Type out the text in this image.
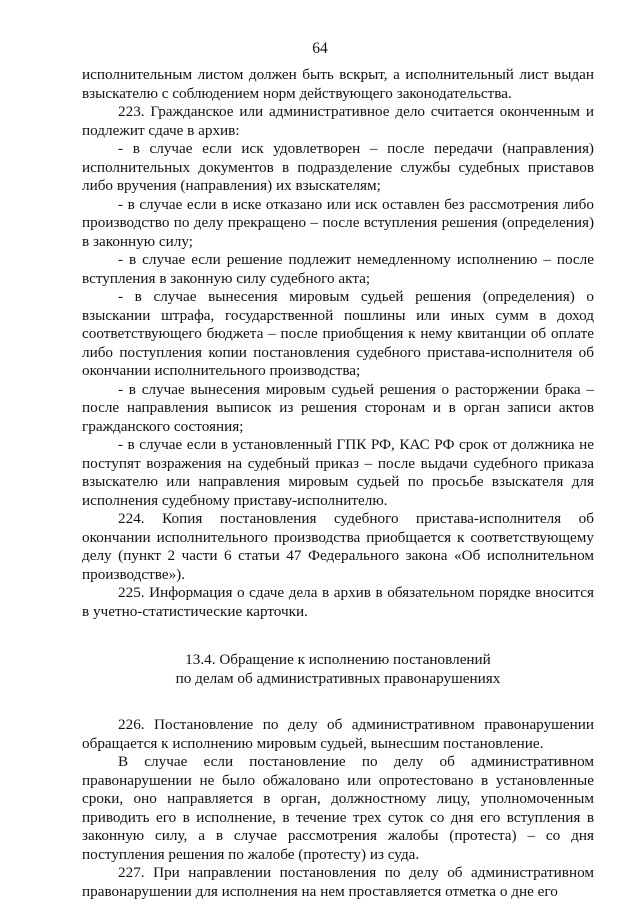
64

исполнительным листом должен быть вскрыт, а исполнительный лист выдан взыскателю с соблюдением норм действующего законодательства.

223. Гражданское или административное дело считается оконченным и подлежит сдаче в архив:

- в случае если иск удовлетворен – после передачи (направления) исполнительных документов в подразделение службы судебных приставов либо вручения (направления) их взыскателям;

- в случае если в иске отказано или иск оставлен без рассмотрения либо производство по делу прекращено – после вступления решения (определения) в законную силу;

- в случае если решение подлежит немедленному исполнению – после вступления в законную силу судебного акта;

- в случае вынесения мировым судьей решения (определения) о взыскании штрафа, государственной пошлины или иных сумм в доход соответствующего бюджета – после приобщения к нему квитанции об оплате либо поступления копии постановления судебного пристава-исполнителя об окончании исполнительного производства;

- в случае вынесения мировым судьей решения о расторжении брака – после направления выписок из решения сторонам и в орган записи актов гражданского состояния;

- в случае если в установленный ГПК РФ, КАС РФ срок от должника не поступят возражения на судебный приказ – после выдачи судебного приказа взыскателю или направления мировым судьей по просьбе взыскателя для исполнения судебному приставу-исполнителю.

224. Копия постановления судебного пристава-исполнителя об окончании исполнительного производства приобщается к соответствующему делу (пункт 2 части 6 статьи 47 Федерального закона «Об исполнительном производстве»).

225. Информация о сдаче дела в архив в обязательном порядке вносится в учетно-статистические карточки.

13.4. Обращение к исполнению постановлений

по делам об административных правонарушениях

226. Постановление по делу об административном правонарушении обращается к исполнению мировым судьей, вынесшим постановление.

В случае если постановление по делу об административном правонарушении не было обжаловано или опротестовано в установленные сроки, оно направляется в орган, должностному лицу, уполномоченным приводить его в исполнение, в течение трех суток со дня его вступления в законную силу, а в случае рассмотрения жалобы (протеста) – со дня поступления решения по жалобе (протесту) из суда.

227. При направлении постановления по делу об административном правонарушении для исполнения на нем проставляется отметка о дне его
